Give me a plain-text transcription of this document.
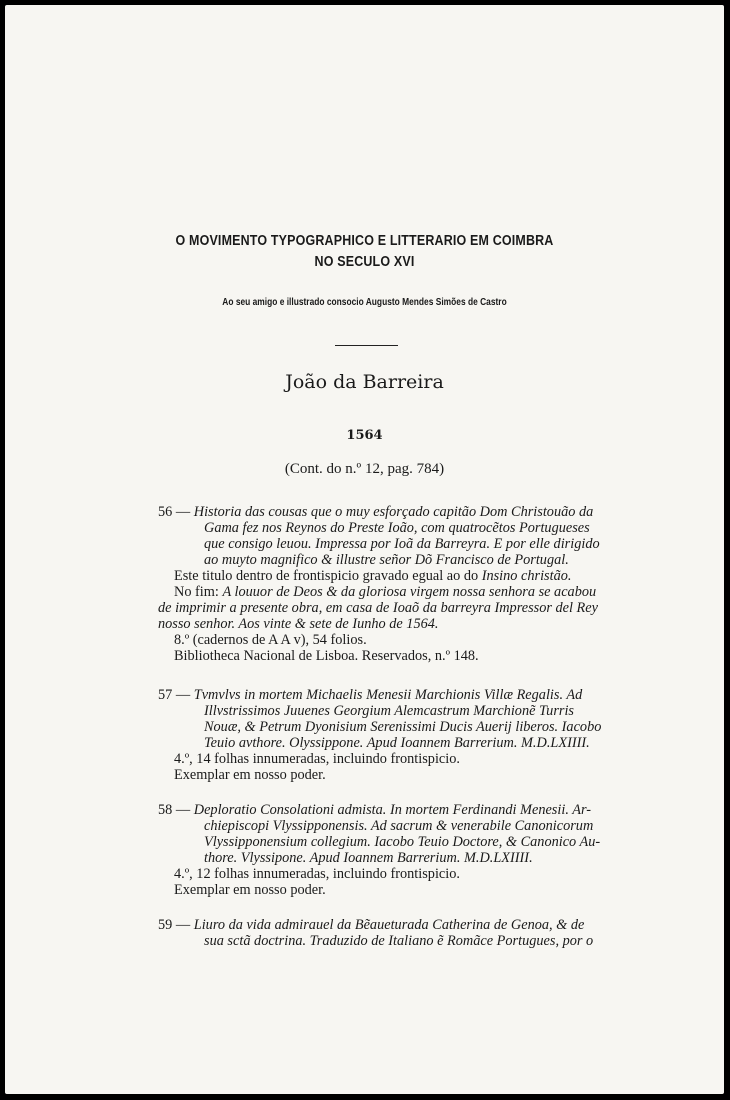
O MOVIMENTO TYPOGRAPHICO E LITTERARIO EM COIMBRA
NO SECULO XVI
Ao seu amigo e illustrado consocio Augusto Mendes Simões de Castro
João da Barreira
1564
(Cont. do n.º 12, pag. 784)
56 — Historia das cousas que o muy esforçado capitão Dom Christouão da
Gama fez nos Reynos do Preste Ioão, com quatrocẽtos Portugueses
que consigo leuou. Impressa por Ioã da Barreyra. E por elle dirigido
ao muyto magnifico & illustre señor Dõ Francisco de Portugal.
Este titulo dentro de frontispicio gravado egual ao do Insino christão.
No fim: A louuor de Deos & da gloriosa virgem nossa senhora se acabou
de imprimir a presente obra, em casa de Ioaõ da barreyra Impressor del Rey
nosso senhor. Aos vinte & sete de Iunho de 1564.
8.º (cadernos de A A v), 54 folios.
Bibliotheca Nacional de Lisboa. Reservados, n.º 148.
57 — Tvmvlvs in mortem Michaelis Menesii Marchionis Villæ Regalis. Ad
Illvstrissimos Juuenes Georgium Alemcastrum Marchionẽ Turris
Nouæ, & Petrum Dyonisium Serenissimi Ducis Auerij liberos. Iacobo
Teuio avthore. Olyssippone. Apud Ioannem Barrerium. M.D.LXIIII.
4.º, 14 folhas innumeradas, incluindo frontispicio.
Exemplar em nosso poder.
58 — Deploratio Consolationi admista. In mortem Ferdinandi Menesii. Ar-
chiepiscopi Vlyssipponensis. Ad sacrum & venerabile Canonicorum
Vlyssipponensium collegium. Iacobo Teuio Doctore, & Canonico Au-
thore. Vlyssipone. Apud Ioannem Barrerium. M.D.LXIIII.
4.º, 12 folhas innumeradas, incluindo frontispicio.
Exemplar em nosso poder.
59 — Liuro da vida admirauel da Bẽaueturada Catherina de Genoa, & de
sua sctã doctrina. Traduzido de Italiano ẽ Romãce Portugues, por o
